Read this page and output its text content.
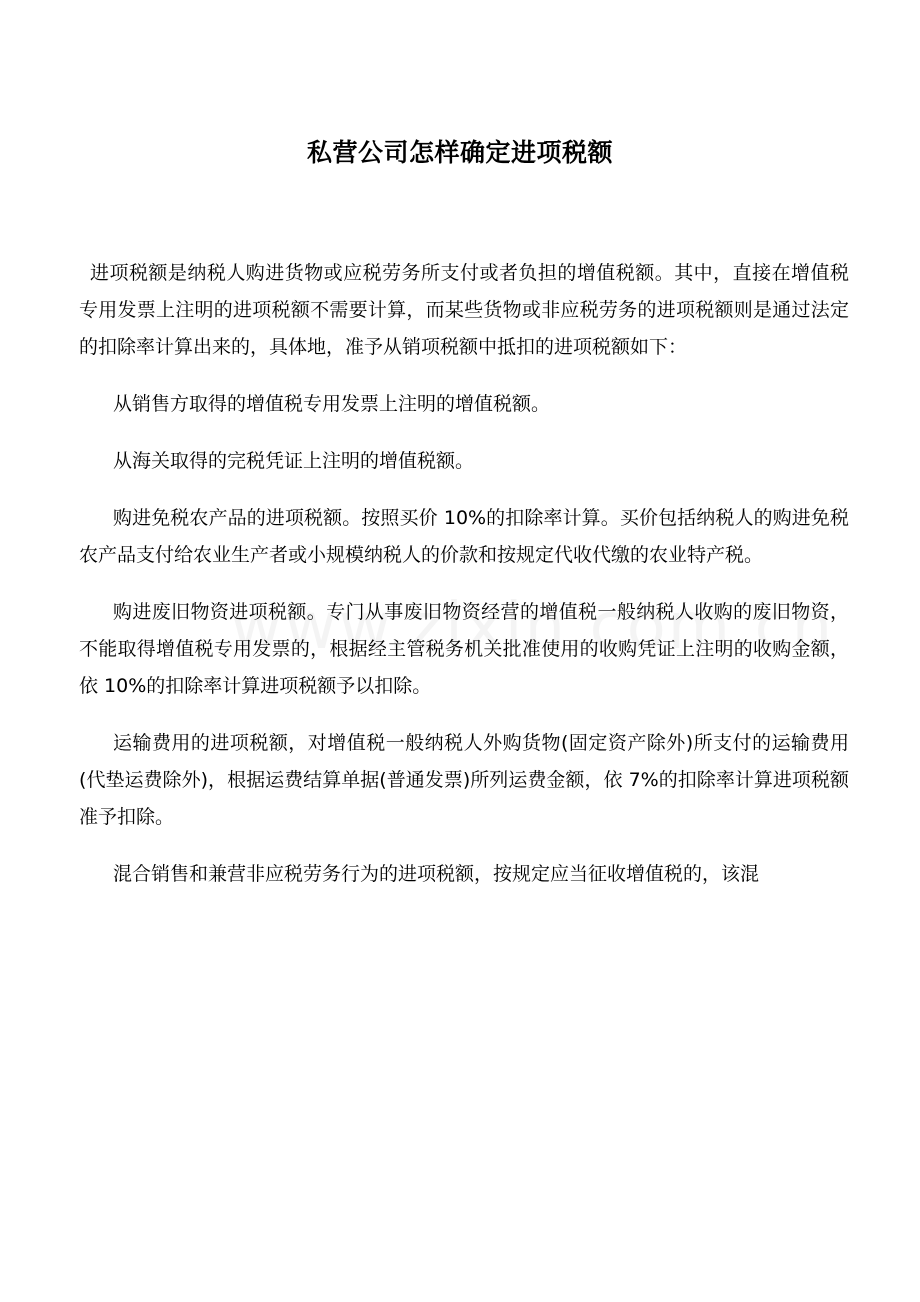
私营公司怎样确定进项税额

进项税额是纳税人购进货物或应税劳务所支付或者负担的增值税额。其中，直接在增值税专用发票上注明的进项税额不需要计算，而某些货物或非应税劳务的进项税额则是通过法定的扣除率计算出来的，具体地，准予从销项税额中抵扣的进项税额如下：

从销售方取得的增值税专用发票上注明的增值税额。

从海关取得的完税凭证上注明的增值税额。

购进免税农产品的进项税额。按照买价 10%的扣除率计算。买价包括纳税人的购进免税农产品支付给农业生产者或小规模纳税人的价款和按规定代收代缴的农业特产税。

购进废旧物资进项税额。专门从事废旧物资经营的增值税一般纳税人收购的废旧物资，不能取得增值税专用发票的，根据经主管税务机关批准使用的收购凭证上注明的收购金额，依 10%的扣除率计算进项税额予以扣除。

运输费用的进项税额，对增值税一般纳税人外购货物(固定资产除外)所支付的运输费用(代垫运费除外)，根据运费结算单据(普通发票)所列运费金额，依 7%的扣除率计算进项税额准予扣除。

混合销售和兼营非应税劳务行为的进项税额，按规定应当征收增值税的，该混
